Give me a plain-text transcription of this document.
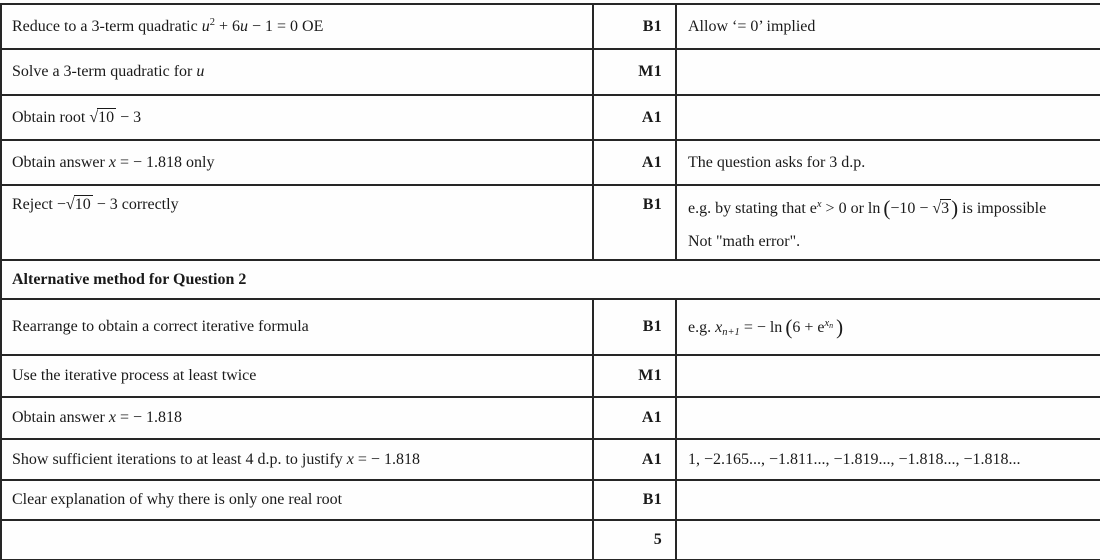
Reduce to a 3-term quadratic $u^2 + 6u - 1 = 0$ OE	B1	Allow ‘= 0’ implied
Solve a 3-term quadratic for u	M1	
Obtain root √10 − 3	A1	
Obtain answer x = − 1.818 only	A1	The question asks for 3 d.p.
Reject −√10 − 3 correctly	B1	e.g. by stating that $e^x > 0$ or ln (−10 − √3) is impossible
Not "math error".

Alternative method for Question 2		
Rearrange to obtain a correct iterative formula	B1	e.g. xn+1 = − $\ln (6 + e^{xn}$ )
Use the iterative process at least twice	M1	
Obtain answer x = − 1.818	A1	
Show sufficient iterations to at least 4 d.p. to justify x = − 1.818	A1	1, −2.165..., −1.811..., −1.819..., −1.818..., −1.818...
Clear explanation of why there is only one real root	B1	
	5	
